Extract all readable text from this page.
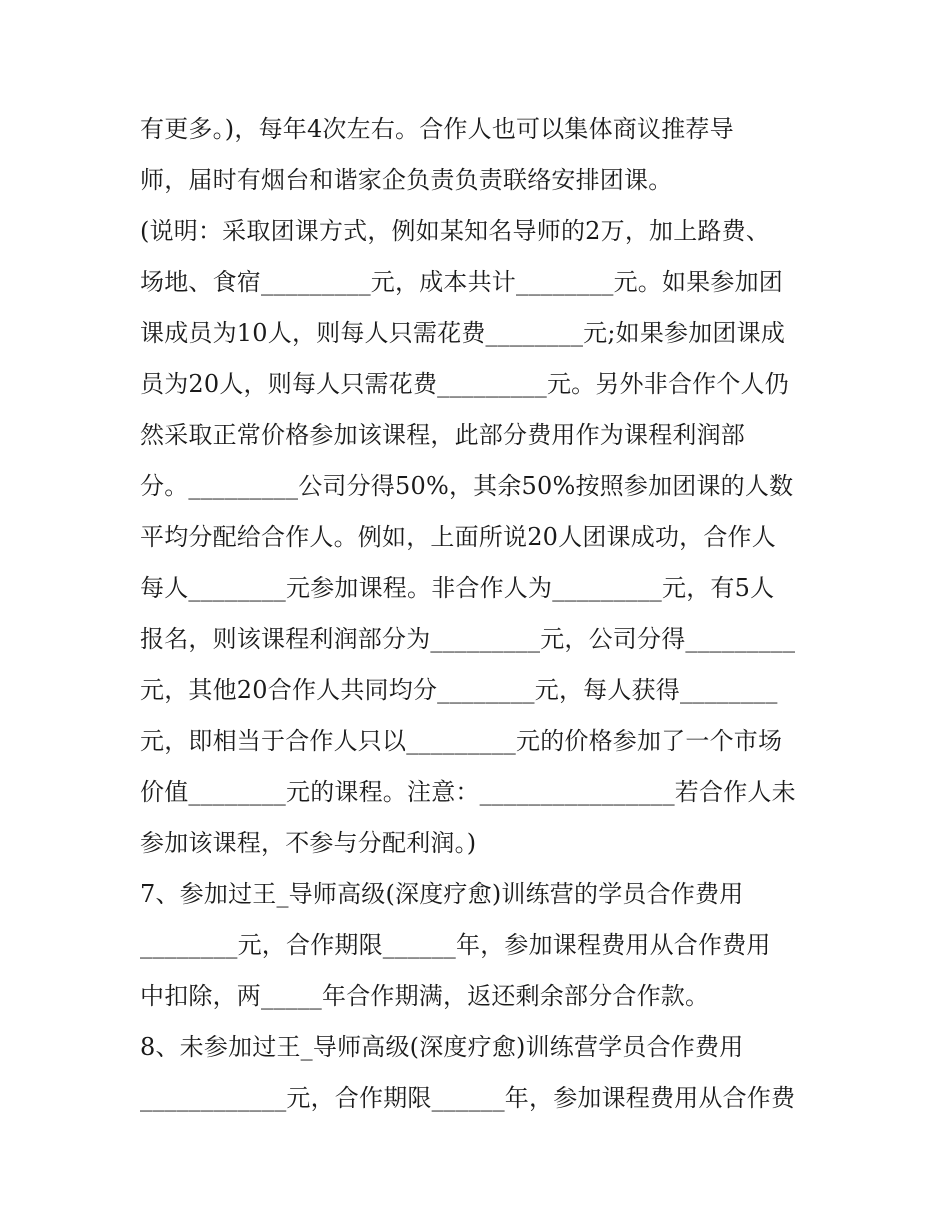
有更多。)，每年4次左右。合作人也可以集体商议推荐导
师，届时有烟台和谐家企负责负责联络安排团课。
(说明：采取团课方式，例如某知名导师的2万，加上路费、
场地、食宿_________元，成本共计________元。如果参加团
课成员为10人，则每人只需花费________元;如果参加团课成
员为20人，则每人只需花费_________元。另外非合作个人仍
然采取正常价格参加该课程，此部分费用作为课程利润部
分。_________公司分得50%，其余50%按照参加团课的人数
平均分配给合作人。例如，上面所说20人团课成功，合作人
每人________元参加课程。非合作人为_________元，有5人
报名，则该课程利润部分为_________元，公司分得_________
元，其他20合作人共同均分________元，每人获得________
元，即相当于合作人只以_________元的价格参加了一个市场
价值________元的课程。注意：________________若合作人未
参加该课程，不参与分配利润。)
7、参加过王_导师高级(深度疗愈)训练营的学员合作费用
________元，合作期限______年，参加课程费用从合作费用
中扣除，两_____年合作期满，返还剩余部分合作款。
8、未参加过王_导师高级(深度疗愈)训练营学员合作费用
____________元，合作期限______年，参加课程费用从合作费
